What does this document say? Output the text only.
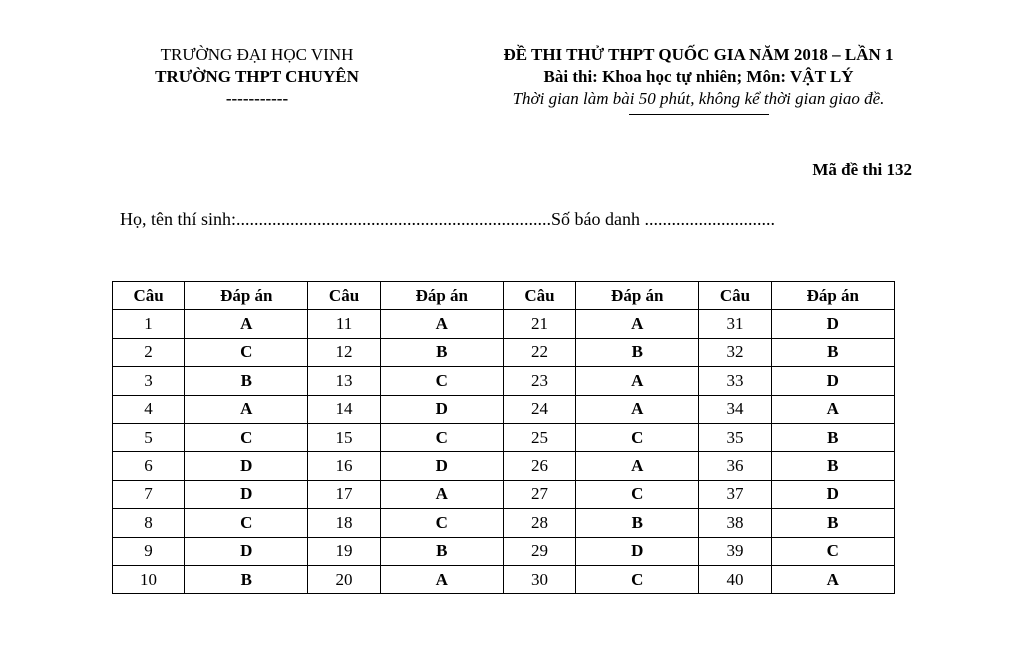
TRƯỜNG ĐẠI HỌC VINH
TRƯỜNG THPT CHUYÊN
-----------
ĐỀ THI THỬ THPT QUỐC GIA NĂM 2018 – LẦN 1
Bài thi: Khoa học tự nhiên; Môn: VẬT LÝ
Thời gian làm bài 50 phút, không kể thời gian giao đề.
Mã đề thi 132
Họ, tên thí sinh:......................................................................Số báo danh .............................
Câu	Đáp án	Câu	Đáp án	Câu	Đáp án	Câu	Đáp án
1	A	11	A	21	A	31	D
2	C	12	B	22	B	32	B
3	B	13	C	23	A	33	D
4	A	14	D	24	A	34	A
5	C	15	C	25	C	35	B
6	D	16	D	26	A	36	B
7	D	17	A	27	C	37	D
8	C	18	C	28	B	38	B
9	D	19	B	29	D	39	C
10	B	20	A	30	C	40	A
